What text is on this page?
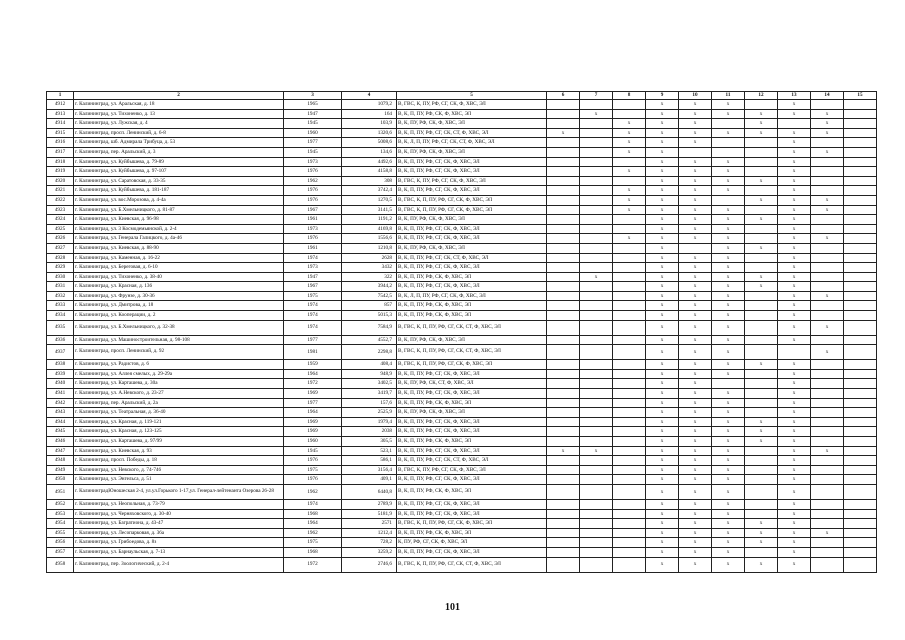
1	2	3	4	5	6	7	8	9	10	11	12	13	14	15
4912	г. Калининград, ул. Аральская, д. 18	1965	1079,2	В, ГВС, К, ПУ, РФ, СГ, СК, Ф, ХВС, ЭЛ				x	x	x		x		
4913	г. Калининград, ул. Тихоненко, д. 13	1947	164	В, К, П, ПУ, РФ, СК, Ф, ХВС, ЭЛ		x		x	x	x	x	x	x	
4914	г. Калининград, ул. Лужская, д. 4	1945	103,9	В, К, ПУ, РФ, СК, Ф, ХВС, ЭЛ			x	x	x		x		x	
4915	г. Калининград, просп. Ленинский, д. 6-8	1960	1320,6	В, К, П, ПУ, РФ, СГ, СК, СТ, Ф, ХВС, ЭЛ	x		x	x	x	x	x	x	x	
4916	г. Калининград, шб. Адмирала Трибуца, д. 53	1977	5008,6	В, К, Л, П, ПУ, РФ, СГ, СК, СТ, Ф, ХВС, ЭЛ			x	x	x			x		
4917	г. Калининград, пер. Аральский, д. 3	1945	134,6	В, К, ПУ, РФ, СК, Ф, ХВС, ЭЛ			x	x				x	x	
4918	г. Калининград, ул. Куйбышева, д. 79-89	1973	4492,6	В, К, П, ПУ, РФ, СГ, СК, Ф, ХВС, ЭЛ				x	x	x		x		
4919	г. Калининград, ул. Куйбышева, д. 97-107	1976	4158,8	В, К, П, ПУ, РФ, СГ, СК, Ф, ХВС, ЭЛ			x	x	x	x		x		
4920	г. Калининград, ул. Саратовская, д. 33-35	1962	308	В, ГВС, К, ПУ, РФ, СГ, СК, Ф, ХВС, ЭЛ				x	x	x	x	x		
4921	г. Калининград, ул. Куйбышева, д. 181-187	1976	3742,4	В, К, П, ПУ, РФ, СГ, СК, Ф, ХВС, ЭЛ			x	x	x	x		x		
4922	г. Калининград, ул. вос.Морозова, д. 4-4а	1976	1270,5	В, ГВС, К, П, ПУ, РФ, СГ, СК, Ф, ХВС, ЭЛ			x	x	x		x	x	x	
4923	г. Калининград, ул. Б.Хмельницкого, д. 81-87	1967	3141,5	В, ГВС, К, П, ПУ, РФ, СГ, СК, Ф, ХВС, ЭЛ			x	x	x	x		x	x	
4924	г. Калининград, ул. Киевская, д. 96-98	1961	1191,2	В, К, ПУ, РФ, СК, Ф, ХВС, ЭЛ				x	x	x	x	x		
4925	г. Калининград, ул. 3 Космодемьянской, д. 2-4	1973	4169,8	В, К, П, ПУ, РФ, СГ, СК, Ф, ХВС, ЭЛ				x	x	x		x		
4926	г. Калининград, ул. Генерала Галицкого, д. 4а-46	1976	1556,6	В, К, П, ПУ, РФ, СГ, СК, Ф, ХВС, ЭЛ			x	x	x	x		x	x	
4927	г. Калининград, ул. Киевская, д. 88-90	1961	1210,8	В, К, ПУ, РФ, СК, Ф, ХВС, ЭЛ				x		x	x	x		
4928	г. Калининград, ул. Каменная, д. 16-22	1974	2628	В, К, П, ПУ, РФ, СГ, СК, СТ, Ф, ХВС, ЭЛ				x	x	x		x		
4929	г. Калининград, ул. Береговая, д. 6-10	1973	3432	В, К, П, ПУ, РФ, СГ, СК, Ф, ХВС, ЭЛ				x	x	x		x		
4930	г. Калининград, ул. Тихоненко, д. 38-40	1947	322	В, К, П, ПУ, РФ, СК, Ф, ХВС, ЭЛ		x		x	x	x	x	x		
4931	г. Калининград, ул. Красная, д. 136	1967	3944,2	В, К, П, ПУ, РФ, СГ, СК, Ф, ХВС, ЭЛ				x	x	x	x	x		
4932	г. Калининград, ул. Фрунзе, д. 30-36	1975	7542,5	В, К, Л, П, ПУ, РФ, СГ, СК, Ф, ХВС, ЭЛ				x	x	x		x	x	
4933	г. Калининград, ул. Дмитрова, д. 18	1974	857	В, К, П, ПУ, РФ, СК, Ф, ХВС, ЭЛ				x	x	x		x		
4934	г. Калининград, ул. Кооперации, д. 2	1974	5015,3	В, К, П, ПУ, РФ, СК, Ф, ХВС, ЭЛ				x	x	x		x		
4935	г. Калининград, ул. Б.Хмельницкого, д. 32-38	1974	7584,9	В, ГВС, К, П, ПУ, РФ, СГ, СК, СТ, Ф, ХВС, ЭЛ				x	x	x		x	x	
4936	г. Калининград, ул. Машиностроительная, д. 98-108	1977	4552,7	В, К, ПУ, РФ, СК, Ф, ХВС, ЭЛ				x	x	x		x		
4937	г. Калининград, просп. Ленинский, д. 92	1981	2298,8	В, ГВС, К, П, ПУ, РФ, СГ, СК, СТ, Ф, ХВС, ЭЛ				x	x	x			x	
4938	г. Калининград, ул. Радистов, д. 6	1959	408,4	В, ГВС, К, П, ПУ, РФ, СГ, СК, Ф, ХВС, ЭЛ				x	x	x	x	x		
4939	г. Калининград, ул. Аллея смелых, д. 29-29а	1964	948,9	В, К, П, ПУ, РФ, СГ, СК, Ф, ХВС, ЭЛ				x	x	x		x		
4940	г. Калининград, ул. Карташева, д. 30а	1972	3402,5	В, К, ПУ, РФ, СК, СТ, Ф, ХВС, ЭЛ				x	x			x		
4941	г. Калининград, ул. А.Невского, д. 23-27	1969	3419,7	В, К, П, ПУ, РФ, СГ, СК, Ф, ХВС, ЭЛ				x	x	x		x		
4942	г. Калининград, пер. Аральский, д. 2а	1977	157,6	В, К, П, ПУ, РФ, СК, Ф, ХВС, ЭЛ				x	x	x		x		
4943	г. Калининград, ул. Театральная, д. 36-40	1964	2525,9	В, К, ПУ, РФ, СК, Ф, ХВС, ЭЛ				x	x	x		x		
4944	г. Калининград, ул. Красная, д. 119-121	1969	1979,4	В, К, П, ПУ, РФ, СГ, СК, Ф, ХВС, ЭЛ				x	x	x	x	x		
4945	г. Калининград, ул. Красная, д. 123-125	1969	2038	В, К, П, ПУ, РФ, СГ, СК, Ф, ХВС, ЭЛ				x	x	x	x	x		
4946	г. Калининград, ул. Карташева, д. 97/99	1960	305,5	В, К, П, ПУ, РФ, СК, Ф, ХВС, ЭЛ				x	x	x	x	x		
4947	г. Калининград, ул. Киевская, д. 93	1945	523,1	В, К, П, ПУ, РФ, СГ, СК, Ф, ХВС, ЭЛ	x	x		x	x	x		x	x	
4948	г. Калининград, просп. Победы, д. 18	1976	586,1	В, К, П, ПУ, РФ, СГ, СК, СТ, Ф, ХВС, ЭЛ				x	x	x		x		
4949	г. Калининград, ул. Невского, д. 74-746	1975	3156,4	В, ГВС, К, ПУ, РФ, СГ, СК, Ф, ХВС, ЭЛ				x	x	x		x		
4950	г. Калининград, ул. Энгельса, д. 51	1976	409,1	В, К, П, ПУ, РФ, СГ, СК, Ф, ХВС, ЭЛ				x	x	x		x		
4951	г. КалининградЮношеская 2-4, ул.ул.Горького 1-17,ул. Генерал-лейтенанта Озерова 26-28	1962	6440,8	В, К, П, ПУ, РФ, СК, Ф, ХВС, ЭЛ				x	x	x		x		
4952	г. Калининград, ул. Неопольная, д. 73-79	1974	2789,9	В, К, П, ПУ, РФ, СГ, СК, Ф, ХВС, ЭЛ				x	x	x		x		
4953	г. Калининград, ул. Черняховского, д. 30-40	1968	5181,9	В, К, П, ПУ, РФ, СГ, СК, Ф, ХВС, ЭЛ				x	x	x		x		
4954	г. Калининград, ул. Багратиона, д. 43-47	1964	2571	В, ГВС, К, П, ПУ, РФ, СГ, СК, Ф, ХВС, ЭЛ				x	x	x	x	x		
4955	г. Калининград, ул. Лесопарковая, д. 36а	1962	1212,4	В, К, П, ПУ, РФ, СК, Ф, ХВС, ЭЛ				x	x	x	x	x	x	
4956	г. Калининград, ул. Грибоедова, д. 8з	1975	728,2	К, ПУ, РФ, СГ, СК, Ф, ХВС, ЭЛ				x	x	x	x	x		
4957	г. Калининград, ул. Барнаульская, д. 7-13	1968	3259,2	В, К, П, ПУ, РФ, СГ, СК, Ф, ХВС, ЭЛ				x	x	x		x		
4958	г. Калининград, пер. Зоологический, д. 2-4	1972	2746,6	В, ГВС, К, П, ПУ, РФ, СГ, СК, СТ, Ф, ХВС, ЭЛ				x	x	x	x	x		
101
